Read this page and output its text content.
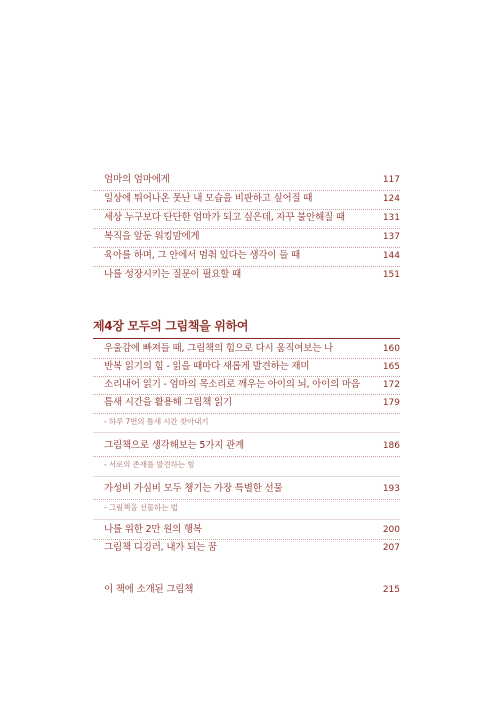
엄마의 엄마에게	117
일상에 튀어나온 못난 내 모습을 비판하고 싶어질 때	124
세상 누구보다 단단한 엄마가 되고 싶은데, 자꾸 불안해질 때	131
복직을 앞둔 워킹맘에게	137
육아를 하며, 그 안에서 멈춰 있다는 생각이 들 때	144
나를 성장시키는 질문이 필요할 때	151
제4장 모두의 그림책을 위하여
우울감에 빠져들 때, 그림책의 힘으로 다시 움직여보는 나	160
반복 읽기의 힘 - 읽을 때마다 새롭게 발견하는 재미	165
소리내어 읽기 - 엄마의 목소리로 깨우는 아이의 뇌, 아이의 마음	172
틈새 시간을 활용해 그림책 읽기	179
- 하루 7번의 틈새 시간 찾아내기
그림책으로 생각해보는 5가지 관계	186
- 서로의 존재를 발견하는 힘
가성비 가심비 모두 챙기는 가장 특별한 선물	193
- 그림책을 선물하는 법
나를 위한 2만 원의 행복	200
그림책 디깅러, 내가 되는 꿈	207
이 책에 소개된 그림책	215
